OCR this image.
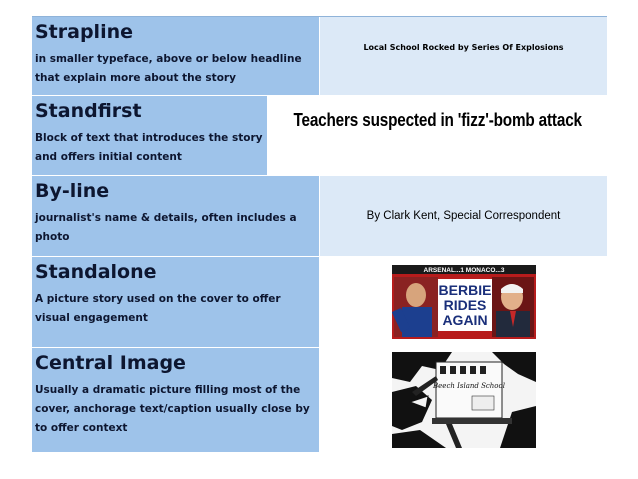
Strapline
in smaller typeface, above or below headline that explain more about the story
Local School Rocked by Series Of Explosions
Standfirst
Block of text that introduces the story and offers initial content
Teachers suspected in 'fizz'-bomb attack
By-line
journalist's name & details, often includes a photo
By Clark Kent, Special Correspondent
Standalone
A picture story used on the cover to offer visual engagement
ARSENAL...1 MONACO...3
BERBIE
RIDES
AGAIN
Central Image
Usually a dramatic picture filling most of the cover, anchorage text/caption usually close by to offer context
Beech Island School
